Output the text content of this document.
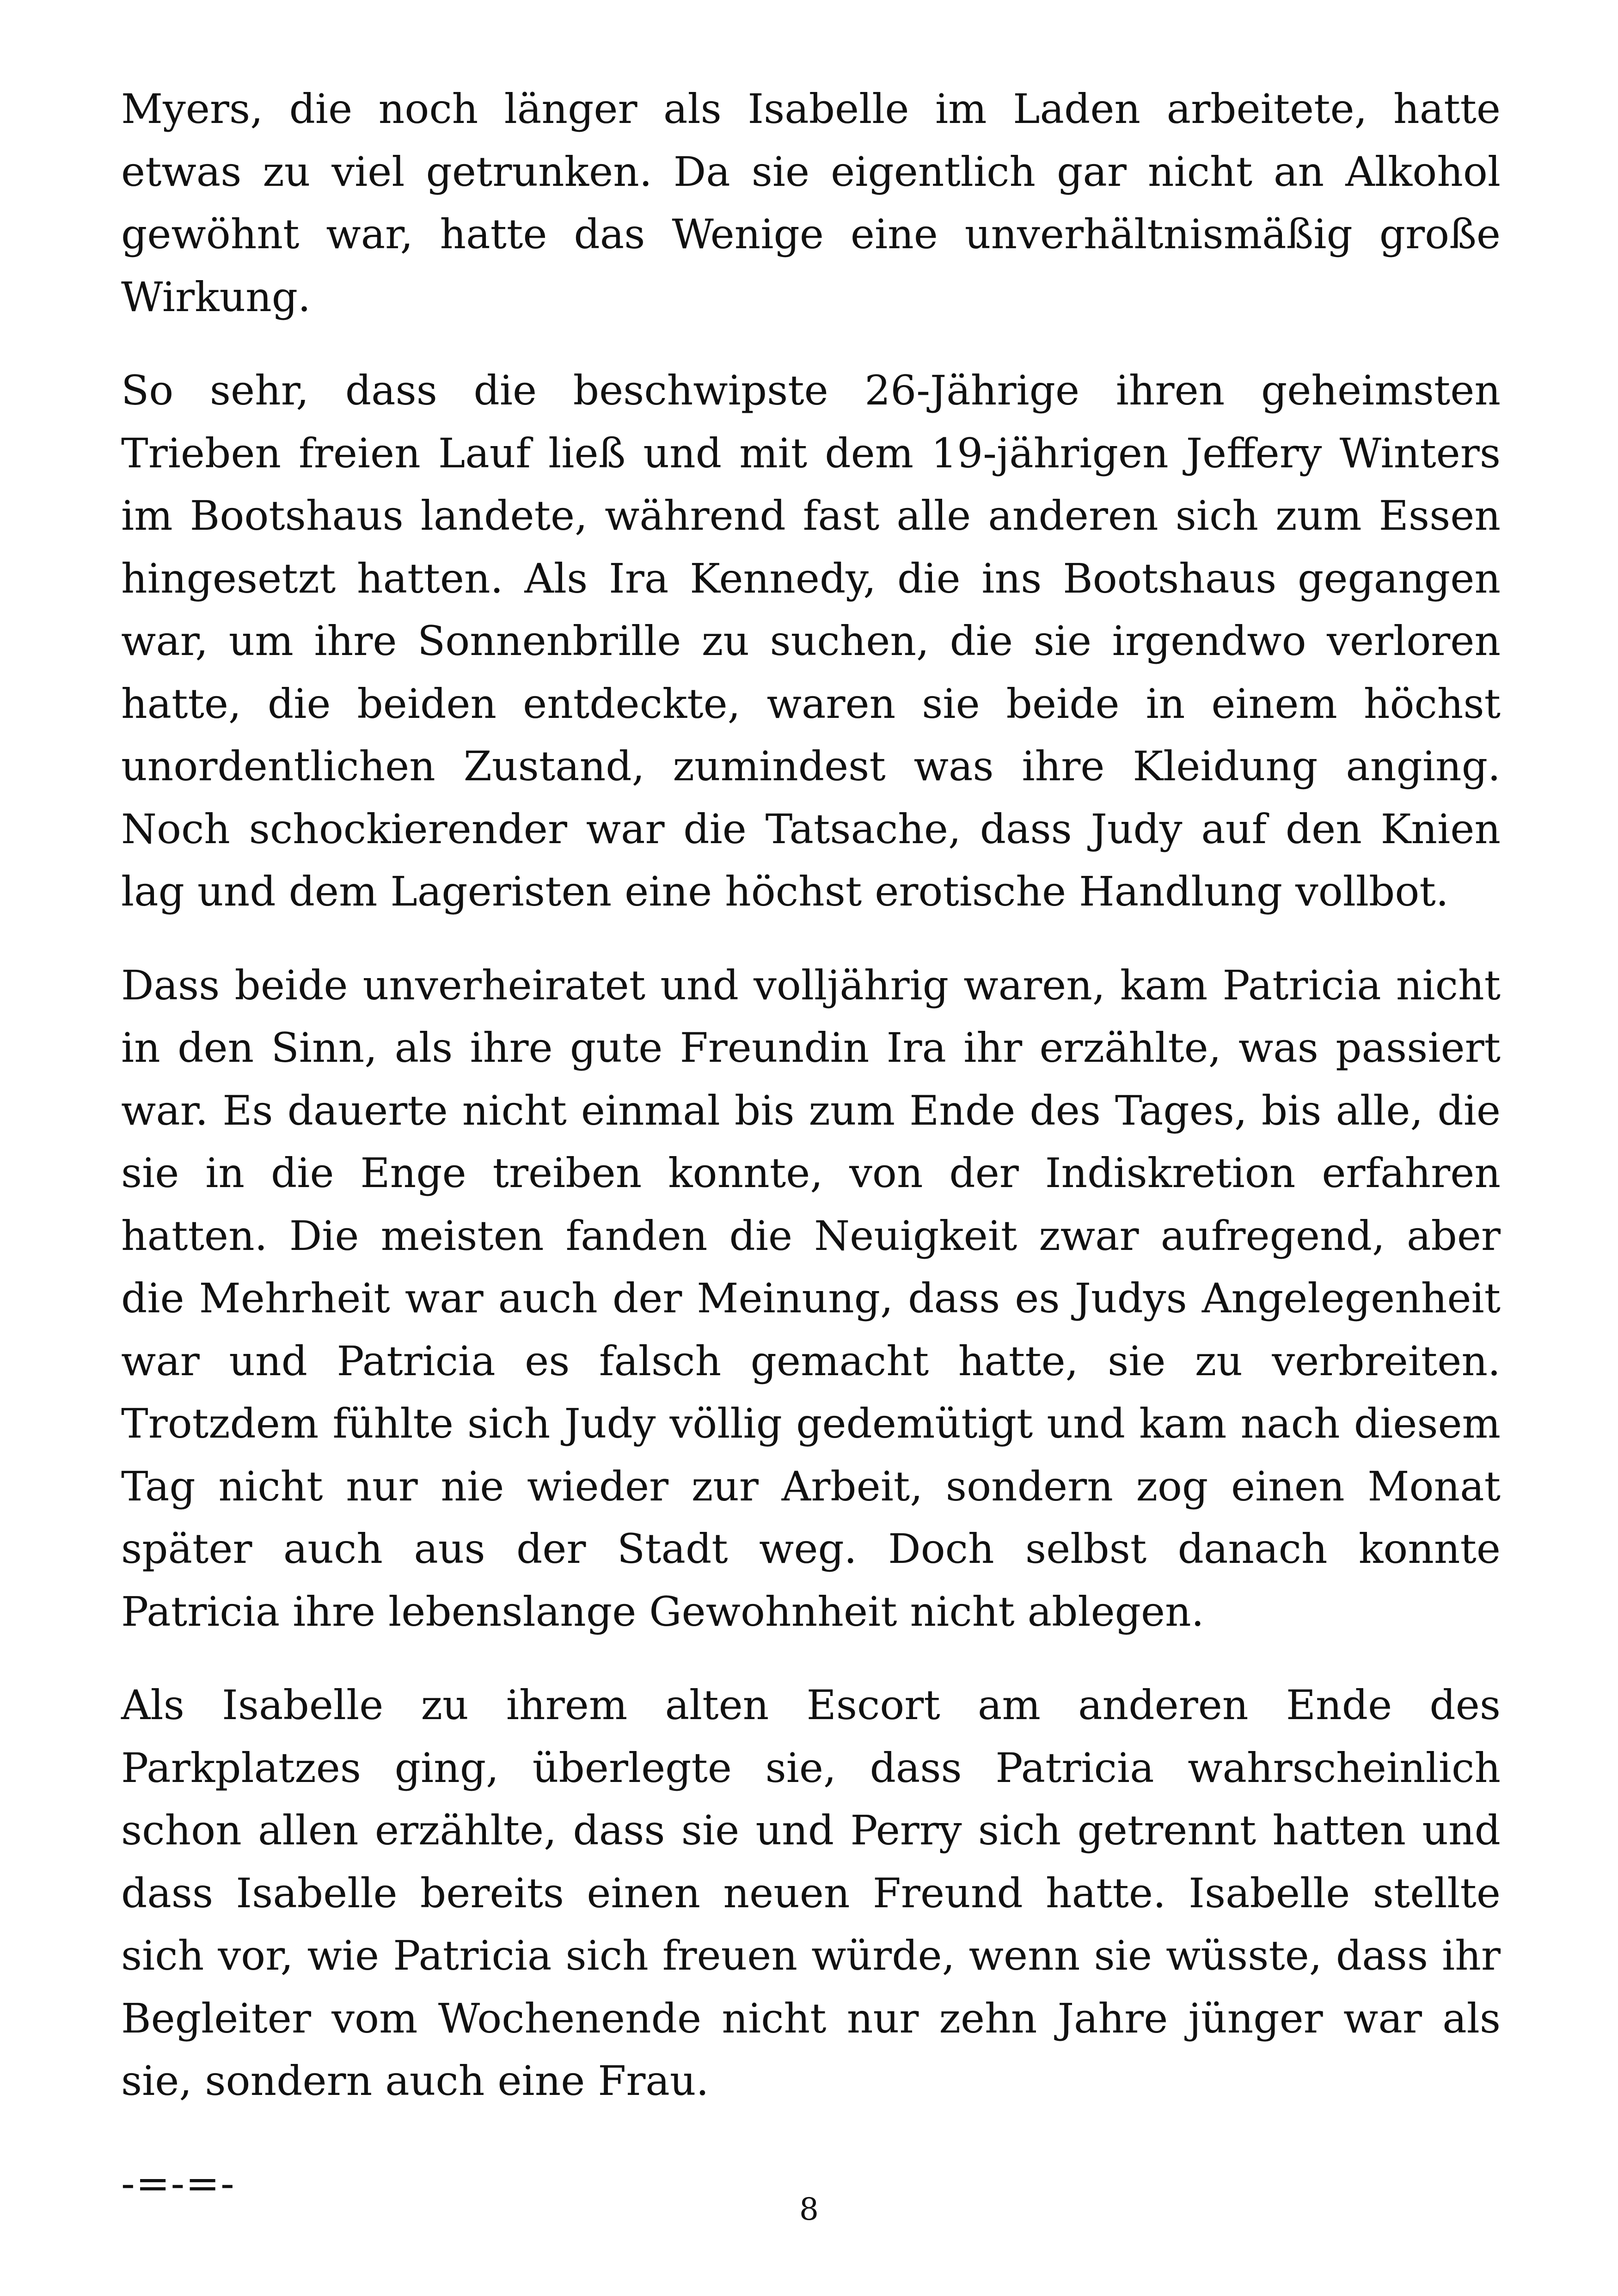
Myers, die noch länger als Isabelle im Laden arbeitete, hatte etwas zu viel getrunken. Da sie eigentlich gar nicht an Alkohol gewöhnt war, hatte das Wenige eine unverhältnismäßig große Wirkung.

So sehr, dass die beschwipste 26-Jährige ihren geheimsten Trieben freien Lauf ließ und mit dem 19-jährigen Jeffery Winters im Bootshaus landete, während fast alle anderen sich zum Essen hingesetzt hatten. Als Ira Kennedy, die ins Bootshaus gegangen war, um ihre Sonnenbrille zu suchen, die sie irgendwo verloren hatte, die beiden entdeckte, waren sie beide in einem höchst unordentlichen Zustand, zumindest was ihre Kleidung anging. Noch schockierender war die Tatsache, dass Judy auf den Knien lag und dem Lageristen eine höchst erotische Handlung vollbot.

Dass beide unverheiratet und volljährig waren, kam Patricia nicht in den Sinn, als ihre gute Freundin Ira ihr erzählte, was passiert war. Es dauerte nicht einmal bis zum Ende des Tages, bis alle, die sie in die Enge treiben konnte, von der Indiskretion erfahren hatten. Die meisten fanden die Neuigkeit zwar aufregend, aber die Mehrheit war auch der Meinung, dass es Judys Angelegenheit war und Patricia es falsch gemacht hatte, sie zu verbreiten. Trotzdem fühlte sich Judy völlig gedemütigt und kam nach diesem Tag nicht nur nie wieder zur Arbeit, sondern zog einen Monat später auch aus der Stadt weg. Doch selbst danach konnte Patricia ihre lebenslange Gewohnheit nicht ablegen.

Als Isabelle zu ihrem alten Escort am anderen Ende des Parkplatzes ging, überlegte sie, dass Patricia wahrscheinlich schon allen erzählte, dass sie und Perry sich getrennt hatten und dass Isabelle bereits einen neuen Freund hatte. Isabelle stellte sich vor, wie Patricia sich freuen würde, wenn sie wüsste, dass ihr Begleiter vom Wochenende nicht nur zehn Jahre jünger war als sie, sondern auch eine Frau.

-=-=-
8
